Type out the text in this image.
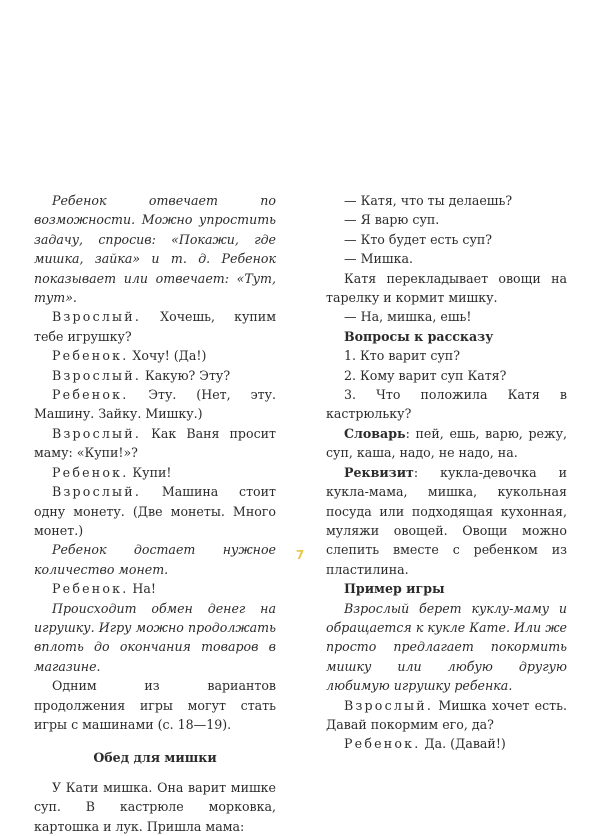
Ребенок отвечает по возможности. Можно упростить задачу, спросив: «Покажи, где мишка, зайка» и т. д. Ребенок показывает или отвечает: «Тут, тут».

Взрослый. Хочешь, купим тебе игрушку?

Ребенок. Хочу! (Да!)

Взрослый. Какую? Эту?

Ребенок. Эту. (Нет, эту. Машину. Зайку. Мишку.)

Взрослый. Как Ваня просит маму: «Купи!»?

Ребенок. Купи!

Взрослый. Машина стоит одну монету. (Две монеты. Много монет.)

Ребенок достает нужное количество монет.

Ребенок. На!

Происходит обмен денег на игрушку. Игру можно продолжать вплоть до окончания товаров в магазине.

Одним из вариантов продолжения игры могут стать игры с машинами (с. 18—19).

Обед для мишки

У Кати мишка. Она варит мишке суп. В кастрюле морковка, картошка и лук. Пришла мама:

— Катя, что ты делаешь?

— Я варю суп.

— Кто будет есть суп?

— Мишка.

Катя перекладывает овощи на тарелку и кормит мишку.

— На, мишка, ешь!

Вопросы к рассказу

1. Кто варит суп?

2. Кому варит суп Катя?

3. Что положила Катя в кастрюльку?

Словарь: пей, ешь, варю, режу, суп, каша, надо, не надо, на.

Реквизит: кукла-девочка и кукла-мама, мишка, кукольная посуда или подходящая кухонная, муляжи овощей. Овощи можно слепить вместе с ребенком из пластилина.

Пример игры

Взрослый берет куклу-маму и обращается к кукле Кате. Или же просто предлагает покормить мишку или любую другую любимую игрушку ребенка.

Взрослый. Мишка хочет есть. Давай покормим его, да?

Ребенок. Да. (Давай!)

7
